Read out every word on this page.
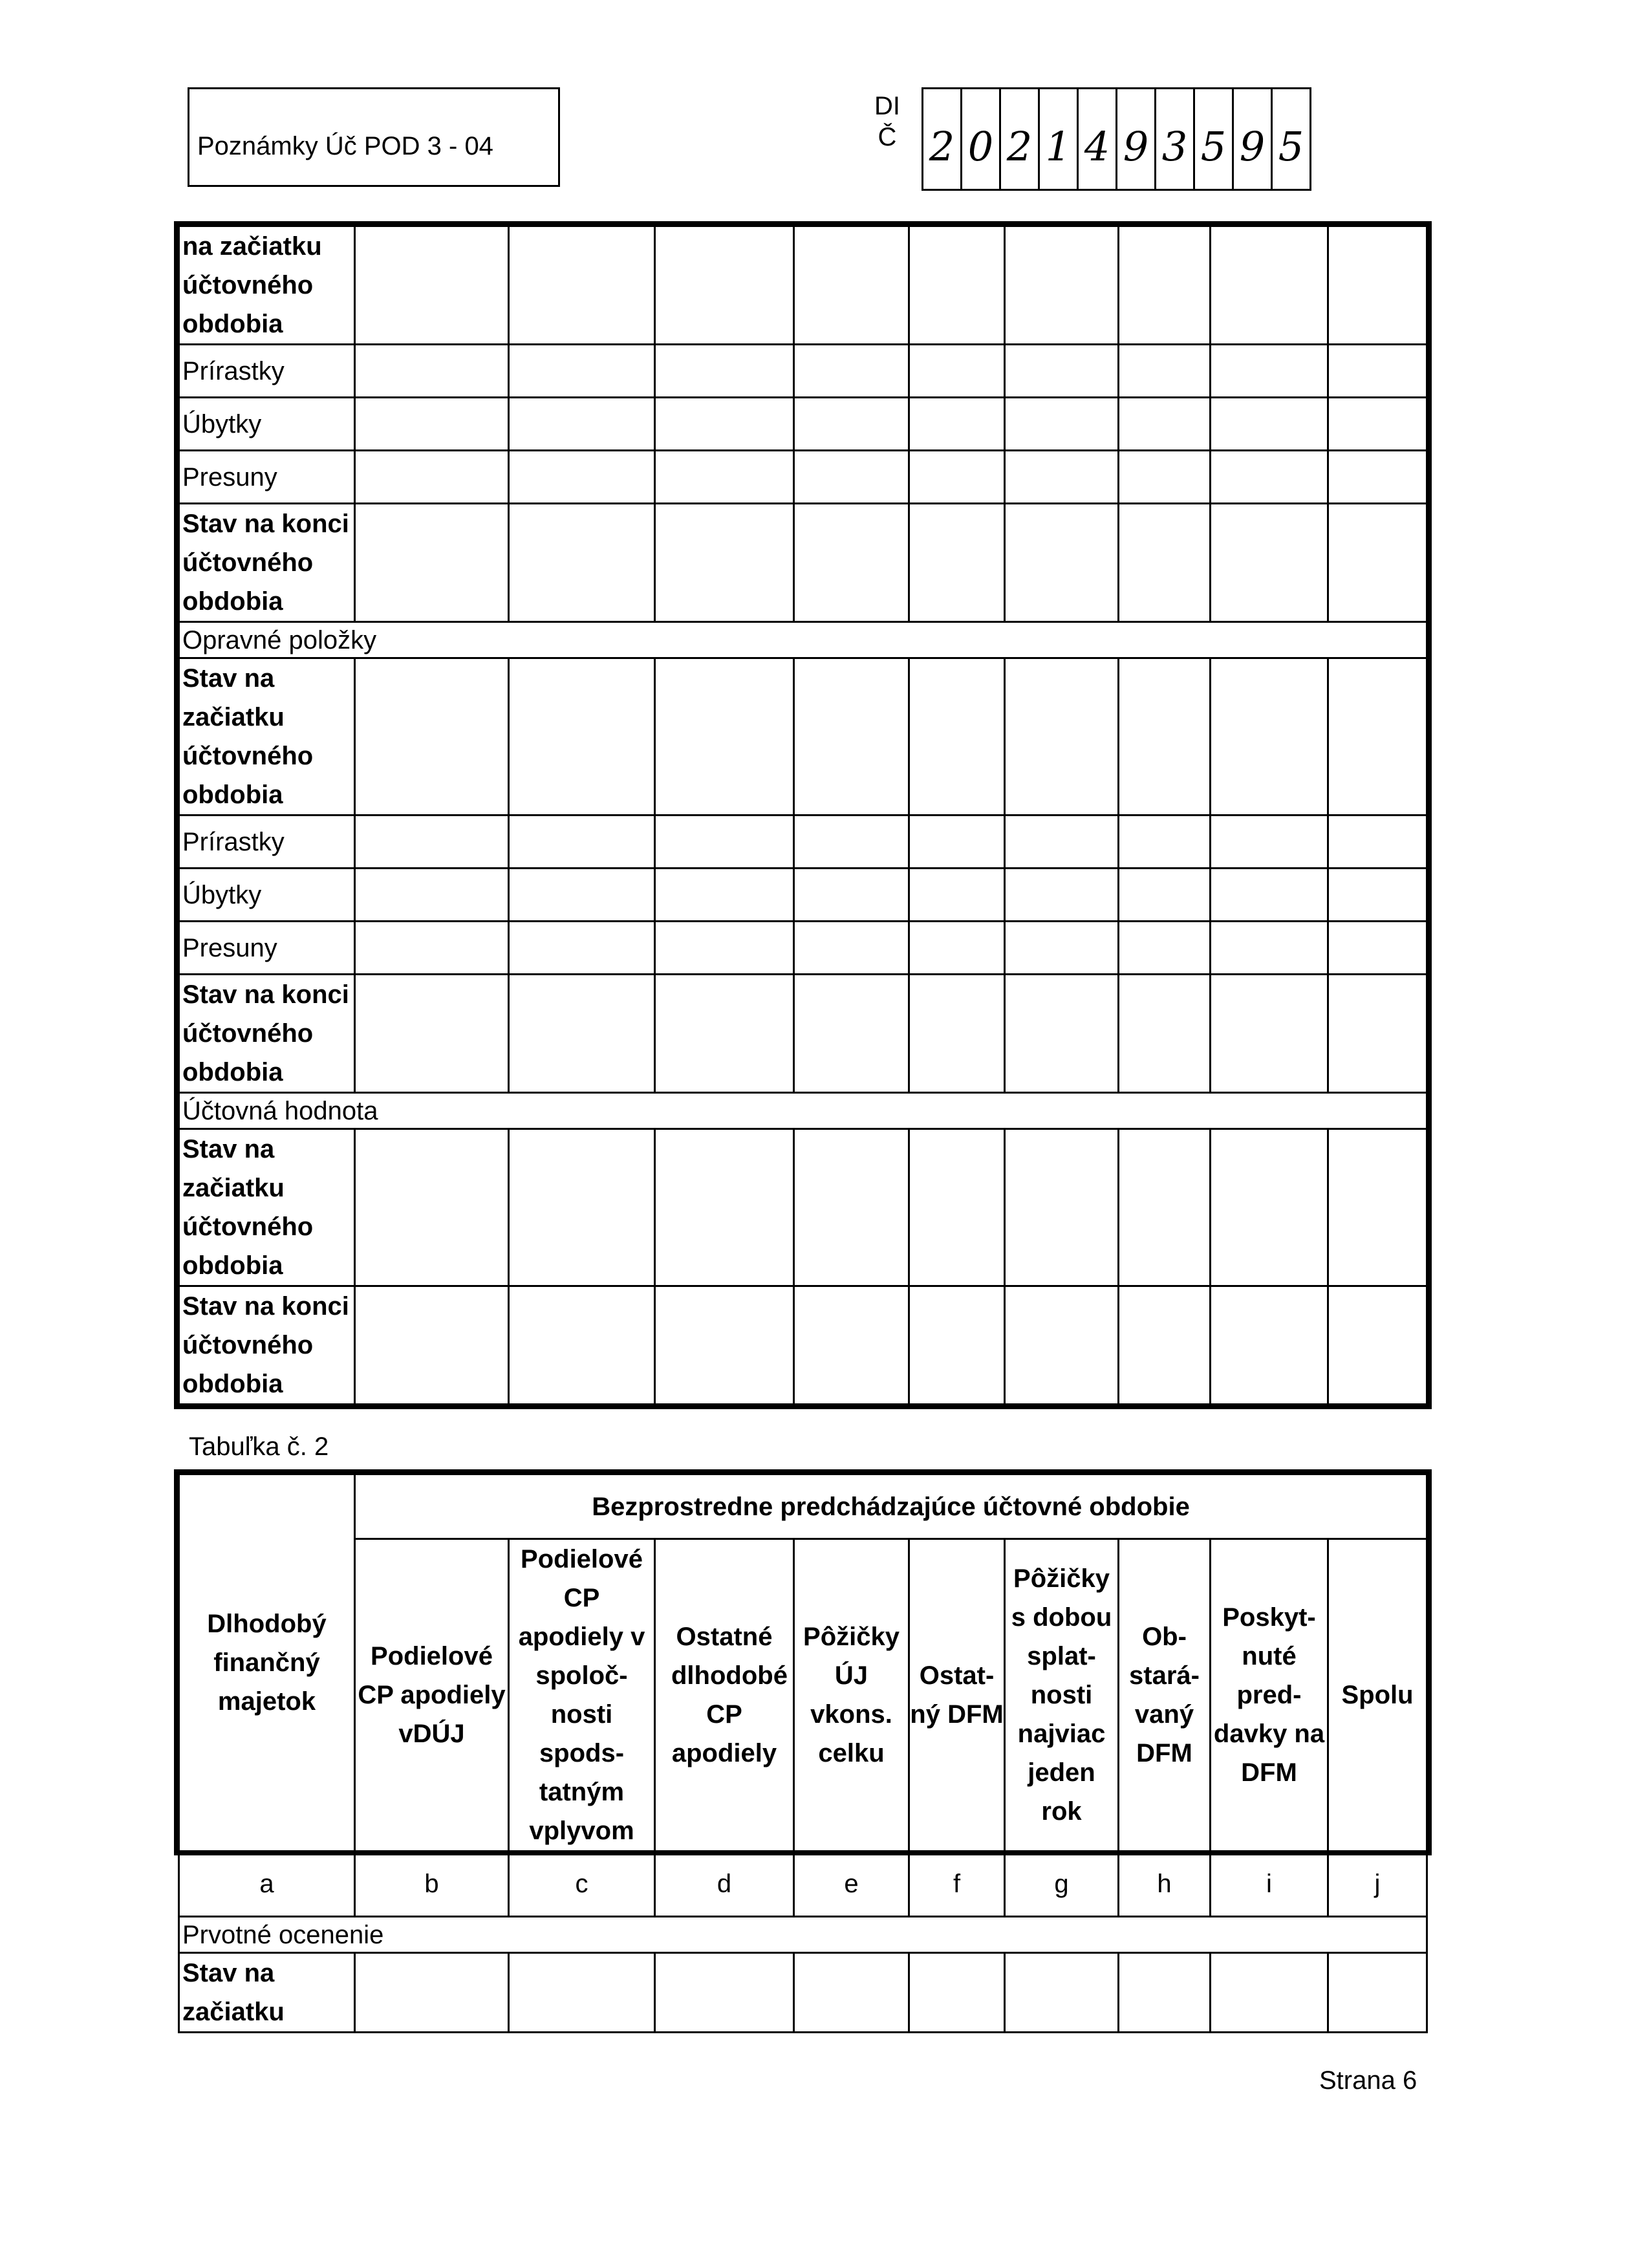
Poznámky Úč POD 3 - 04
DI
Č 2 0 2 1 4 9 3 5 9 5
na začiatku účtovného obdobia									
Prírastky									
Úbytky									
Presuny									
Stav na konci účtovného obdobia									
Opravné položky									
Stav na začiatku účtovného obdobia									
Prírastky									
Úbytky									
Presuny									
Stav na konci účtovného obdobia									
Účtovná hodnota									
Stav na začiatku účtovného obdobia									
Stav na konci účtovného obdobia									
Tabuľka č. 2
Dlhodobý finančný majetok	Bezprostredne predchádzajúce účtovné obdobie								
	Podielové CP apodiely vDÚJ	Podielové CP apodiely v spoloč- nosti spods- tatným vplyvom	Ostatné dlhodobé CP apodiely	Pôžičky ÚJ vkons. celku	Ostat- ný DFM	Pôžičky s dobou splat- nosti najviac jeden rok	Ob- stará- vaný DFM	Poskyt- nuté pred- davky na DFM	Spolu

a	b	c	d	e	f	g	h	i	j
Prvotné ocenenie									
Stav na začiatku									
Strana 6
